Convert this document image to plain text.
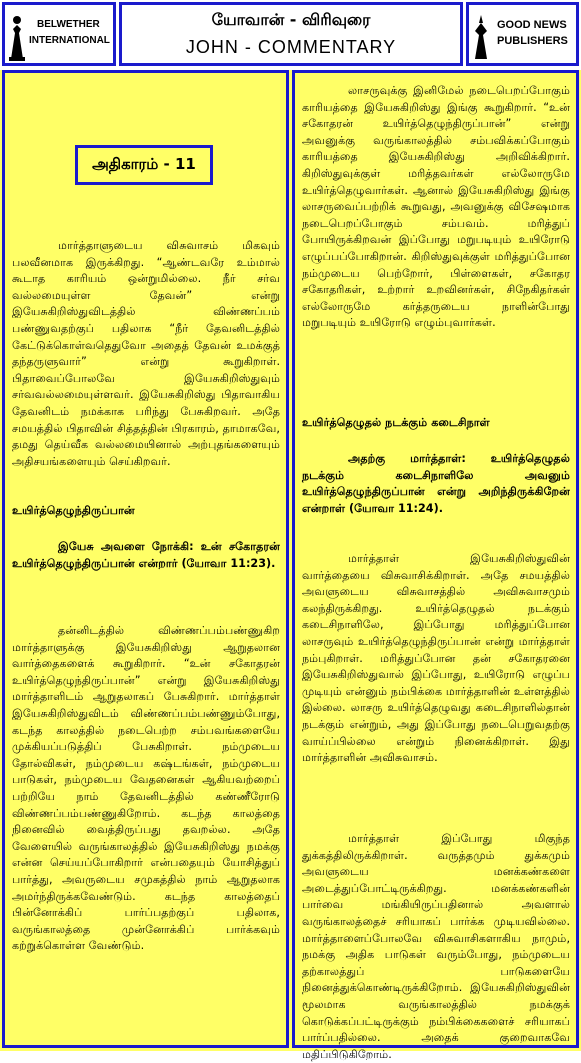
BELWETHER
INTERNATIONAL
யோவான் - விரிவுரை
JOHN - COMMENTARY
GOOD NEWS
PUBLISHERS
அதிகாரம் - 11
மார்த்தாளுடைய விசுவாசம் மிகவும் பலவீனமாக இருக்கிறது. “ஆண்டவரே உம்மால் கூடாத காரியம் ஒன்றுமில்லை. நீர் சர்வ வல்லமையுள்ள தேவன்” என்று இயேசுகிறிஸ்துவிடத்தில் விண்ணப்பம் பண்ணுவதற்குப் பதிலாக “நீர் தேவனிடத்தில் கேட்டுக்கொள்வதெதுவோ அதைத் தேவன் உமக்குத் தந்தருளுவார்” என்று கூறுகிறாள். பிதாவைப்போலவே இயேசுகிறிஸ்துவும் சர்வவல்லமையுள்ளவர். இயேசுகிறிஸ்து பிதாவாகிய தேவனிடம் நமக்காக பரிந்து பேசுகிறவர். அதே சமயத்தில் பிதாவின் சித்தத்தின் பிரகாரம், தாமாகவே, தமது தெய்வீக வல்லமையினால் அற்புதங்களையும் அதிசயங்களையும் செய்கிறவர்.
உயிர்த்தெழுந்திருப்பான்
இயேசு அவளை நோக்கி: உன் சகோதரன் உயிர்த்தெழுந்திருப்பான் என்றார் (யோவா 11:23).
தன்னிடத்தில் விண்ணப்பம்பண்ணுகிற மார்த்தாளுக்கு இயேசுகிறிஸ்து ஆறுதலான வார்த்தைகளைக் கூறுகிறார். “உன் சகோதரன் உயிர்த்தெழுந்திருப்பான்” என்று இயேசுகிறிஸ்து மார்த்தாளிடம் ஆறுதலாகப் பேசுகிறார். மார்த்தாள் இயேசுகிறிஸ்துவிடம் விண்ணப்பம்பண்ணும்போது, கடந்த காலத்தில் நடைபெற்ற சம்பவங்களையே முக்கியப்படுத்திப் பேசுகிறாள். நம்முடைய தோல்விகள், நம்முடைய கஷ்டங்கள், நம்முடைய பாடுகள், நம்முடைய வேதனைகள் ஆகியவற்றைப் பற்றியே நாம் தேவனிடத்தில் கண்ணீரோடு விண்ணப்பம்பண்ணுகிறோம். கடந்த காலத்தை நினைவில் வைத்திருப்பது தவறல்ல. அதே வேளையில் வருங்காலத்தில் இயேசுகிறிஸ்து நமக்கு என்ன செய்யப்போகிறார் என்பதையும் யோசித்துப் பார்த்து, அவருடைய சமுகத்தில் நாம் ஆறுதலாக அமர்ந்திருக்கவேண்டும். கடந்த காலத்தைப் பின்னோக்கிப் பார்ப்பதற்குப் பதிலாக, வருங்காலத்தை முன்னோக்கிப் பார்க்கவும் கற்றுக்கொள்ள வேண்டும்.
லாசருவுக்கு இனிமேல் நடைபெறப்போகும் காரியத்தை இயேசுகிறிஸ்து இங்கு கூறுகிறார். “உன் சகோதரன் உயிர்த்தெழுந்திருப்பான்” என்று அவனுக்கு வருங்காலத்தில் சம்பவிக்கப்போகும் காரியத்தை இயேசுகிறிஸ்து அறிவிக்கிறார். கிறிஸ்துவுக்குள் மரித்தவர்கள் எல்லோருமே உயிர்த்தெழுவார்கள். ஆனால் இயேசுகிறிஸ்து இங்கு லாசருவைப்பற்றிக் கூறுவது, அவனுக்கு விசேஷமாக நடைபெறப்போகும் சம்பவம். மரித்துப் போயிருக்கிறவன் இப்போது மறுபடியும் உயிரோடு எழுப்பப்போகிறான். கிறிஸ்துவுக்குள் மரித்துப்போன நம்முடைய பெற்றோர், பிள்ளைகள், சகோதர சகோதரிகள், உற்றார் உறவினர்கள், சிநேகிதர்கள் எல்லோருமே கர்த்தருடைய நாளின்போது மறுபடியும் உயிரோடு எழும்புவார்கள்.
உயிர்த்தெழுதல் நடக்கும் கடைசிநாள்
அதற்கு மார்த்தாள்: உயிர்த்தெழுதல் நடக்கும் கடைசிநாளிலே அவனும் உயிர்த்தெழுந்திருப்பான் என்று அறிந்திருக்கிறேன் என்றாள் (யோவா 11:24).
மார்த்தாள் இயேசுகிறிஸ்துவின் வார்த்தையை விசுவாசிக்கிறாள். அதே சமயத்தில் அவளுடைய விசுவாசத்தில் அவிசுவாசமும் கலந்திருக்கிறது. உயிர்த்தெழுதல் நடக்கும் கடைசிநாளிலே, இப்போது மரித்துப்போன லாசருவும் உயிர்த்தெழுந்திருப்பான் என்று மார்த்தாள் நம்புகிறாள். மரித்துப்போன தன் சகோதரனை இயேசுகிறிஸ்துவால் இப்போது, உயிரோடு எழுப்ப முடியும் என்னும் நம்பிக்கை மார்த்தாளின் உள்ளத்தில் இல்லை. லாசரு உயிர்த்தெழுவது கடைசிநாளில்தான் நடக்கும் என்றும், அது இப்போது நடைபெறுவதற்கு வாய்ப்பில்லை என்றும் நினைக்கிறாள். இது மார்த்தாளின் அவிசுவாசம்.
மார்த்தாள் இப்போது மிகுந்த துக்கத்திலிருக்கிறாள். வருத்தமும் துக்கமும் அவளுடைய மனக்கண்களை அடைத்துப்போட்டிருக்கிறது. மனக்கண்களின் பார்வை மங்கியிருப்பதினால் அவளால் வருங்காலத்தைச் சரியாகப் பார்க்க முடியவில்லை. மார்த்தாளைப்போலவே விசுவாசிகளாகிய நாமும், நமக்கு அதிக பாடுகள் வரும்போது, நம்முடைய தற்காலத்துப் பாடுகளையே நினைத்துக்கொண்டிருக்கிறோம். இயேசுகிறிஸ்துவின் மூலமாக வருங்காலத்தில் நமக்குக் கொடுக்கப்பட்டிருக்கும் நம்பிக்கைகளைச் சரியாகப் பார்ப்பதில்லை. அதைக் குறைவாகவே மதிப்பிடுகிறோம்.
